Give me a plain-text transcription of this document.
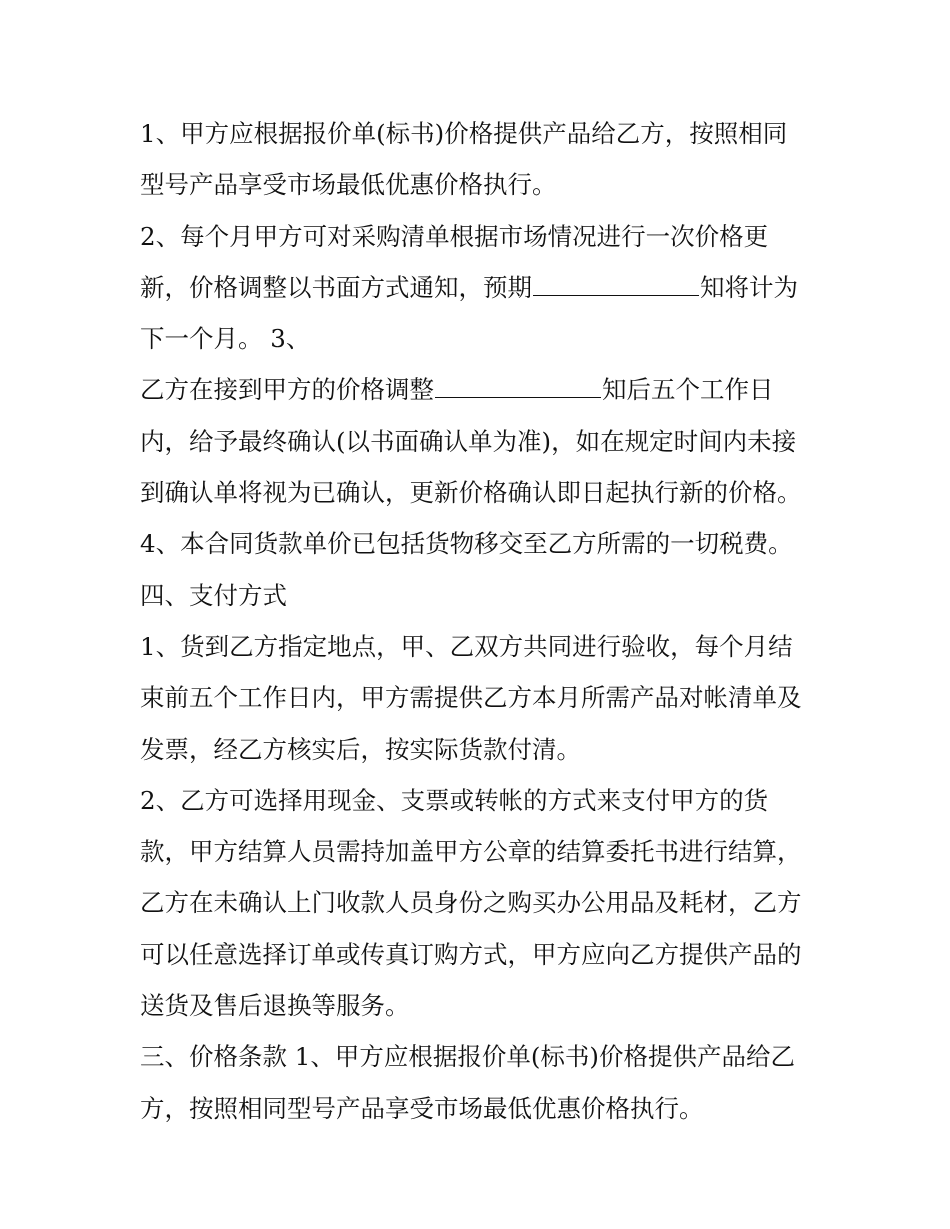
1、甲方应根据报价单(标书)价格提供产品给乙方，按照相同
型号产品享受市场最低优惠价格执行。
2、每个月甲方可对采购清单根据市场情况进行一次价格更
新，价格调整以书面方式通知，预期	知将计为
下一个月。 3、
乙方在接到甲方的价格调整	知后五个工作日
内，给予最终确认(以书面确认单为准)，如在规定时间内未接
到确认单将视为已确认，更新价格确认即日起执行新的价格。
4、本合同货款单价已包括货物移交至乙方所需的一切税费。
四、支付方式
1、货到乙方指定地点，甲、乙双方共同进行验收，每个月结
束前五个工作日内，甲方需提供乙方本月所需产品对帐清单及
发票，经乙方核实后，按实际货款付清。
2、乙方可选择用现金、支票或转帐的方式来支付甲方的货
款，甲方结算人员需持加盖甲方公章的结算委托书进行结算，
乙方在未确认上门收款人员身份之购买办公用品及耗材，乙方
可以任意选择订单或传真订购方式，甲方应向乙方提供产品的
送货及售后退换等服务。
三、价格条款 1、甲方应根据报价单(标书)价格提供产品给乙
方，按照相同型号产品享受市场最低优惠价格执行。
